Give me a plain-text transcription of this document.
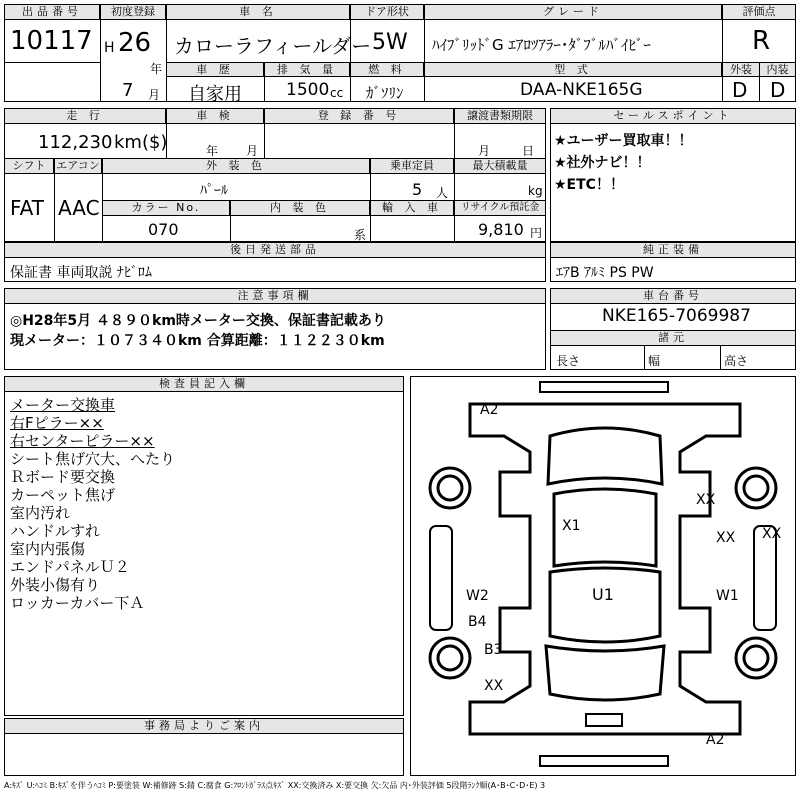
出品番号
10117
初度登録
H 26
年
車 名
カローラフィールダー
ドア形状
5W
グレード
ﾊｲﾌﾞﾘｯﾄﾞG ｴｱﾛﾂｱﾗｰ･ﾀﾞﾌﾞﾙﾊﾞｲﾋﾞｰ
評価点
R
車 歴
自家用
排 気 量
1500 cc
燃 料
ｶﾞｿﾘﾝ
型 式
DAA-NKE165G
外装	内装
D D
7 月
走 行
112,230 km($)
車 検
年 月
登 録 番 号	譲渡書類期限
月	日
シフト
FAT
エアコン
AAC
外 装 色
ﾊﾟｰﾙ
乗車定員
5 人
最大積載量
kg
カラー No.
070
内 装 色
系
輸 入 車	リサイクル預託金
9,810 円
セールスポイント
★ユーザー買取車！！
★社外ナビ！！
★ETC！！
後日発送部品
保証書 車両取説 ﾅﾋﾞﾛﾑ
純正装備
ｴｱB ｱﾙﾐ PS PW
注意事項欄
◎H28年5月 ４８９０km時メーター交換、保証書記載あり
現メーター：１０７３４０km 合算距離：１１２２３０km
車台番号
NKE165-7069987
諸元
長さ	幅	高さ
検査員記入欄
メーター交換車
右Fピラー××
右センターピラー××
シート焦げ穴大、へたり
Ｒボード要交換
カーペット焦げ
室内汚れ
ハンドルすれ
室内内張傷
エンドパネルＵ２
外装小傷有り
ロッカーカバー下Ａ
A2
A2
XX
XX XX
X1
U1
W2	W1
B4
B3
XX
事務局よりご案内
A:ｷｽﾞ U:ﾍｺﾐ B:ｷｽﾞを伴うﾍｺﾐ P:要塗装 W:補修跡 S:錆 C:腐食 G:ﾌﾛﾝﾄｶﾞﾗｽ点ｷｽﾞ XX:交換済み X:要交換 欠:欠品 内･外装評価 5段階ﾗﾝｸ順(A･B･C･D･E) 3
